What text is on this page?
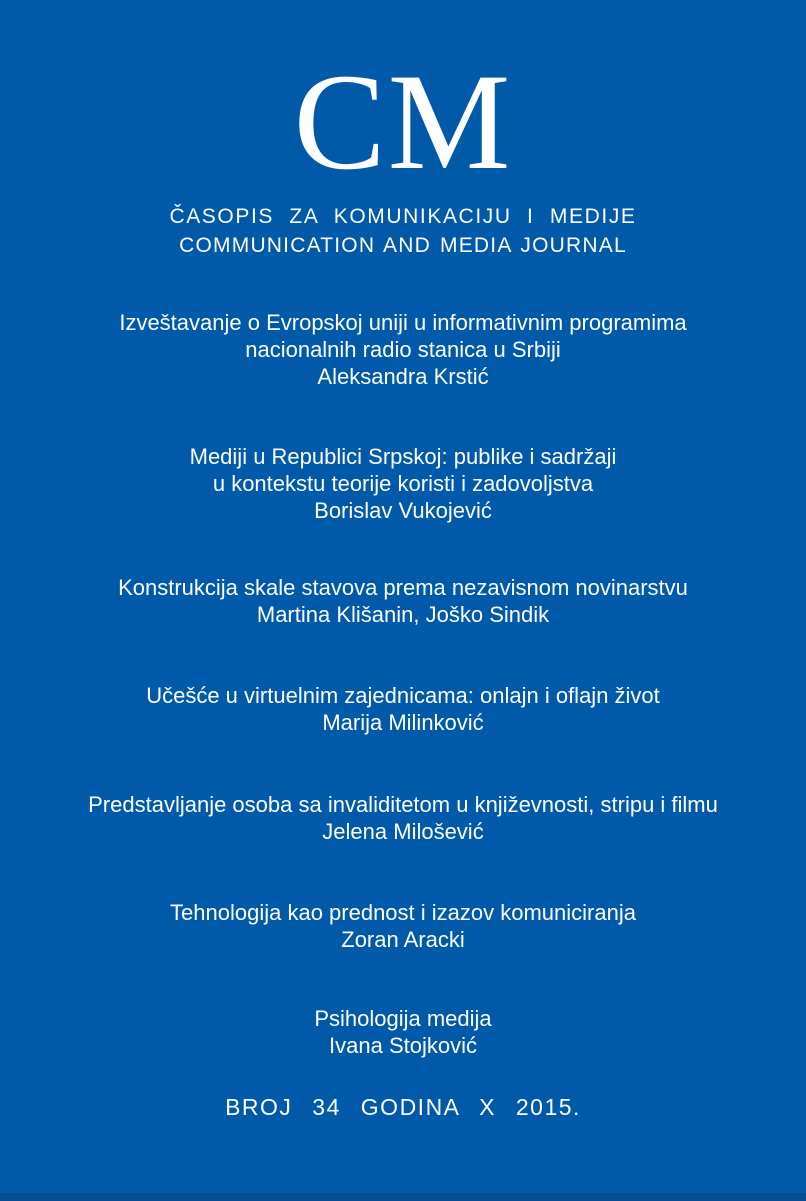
CM
ČASOPIS ZA KOMUNIKACIJU I MEDIJE
COMMUNICATION AND MEDIA JOURNAL
Izveštavanje o Evropskoj uniji u informativnim programima
nacionalnih radio stanica u Srbiji
Aleksandra Krstić
Mediji u Republici Srpskoj: publike i sadržaji
u kontekstu teorije koristi i zadovoljstva
Borislav Vukojević
Konstrukcija skale stavova prema nezavisnom novinarstvu
Martina Klišanin, Joško Sindik
Učešće u virtuelnim zajednicama: onlajn i oflajn život
Marija Milinković
Predstavljanje osoba sa invaliditetom u književnosti, stripu i filmu
Jelena Milošević
Tehnologija kao prednost i izazov komuniciranja
Zoran Aracki
Psihologija medija
Ivana Stojković
BROJ 34 GODINA X 2015.
